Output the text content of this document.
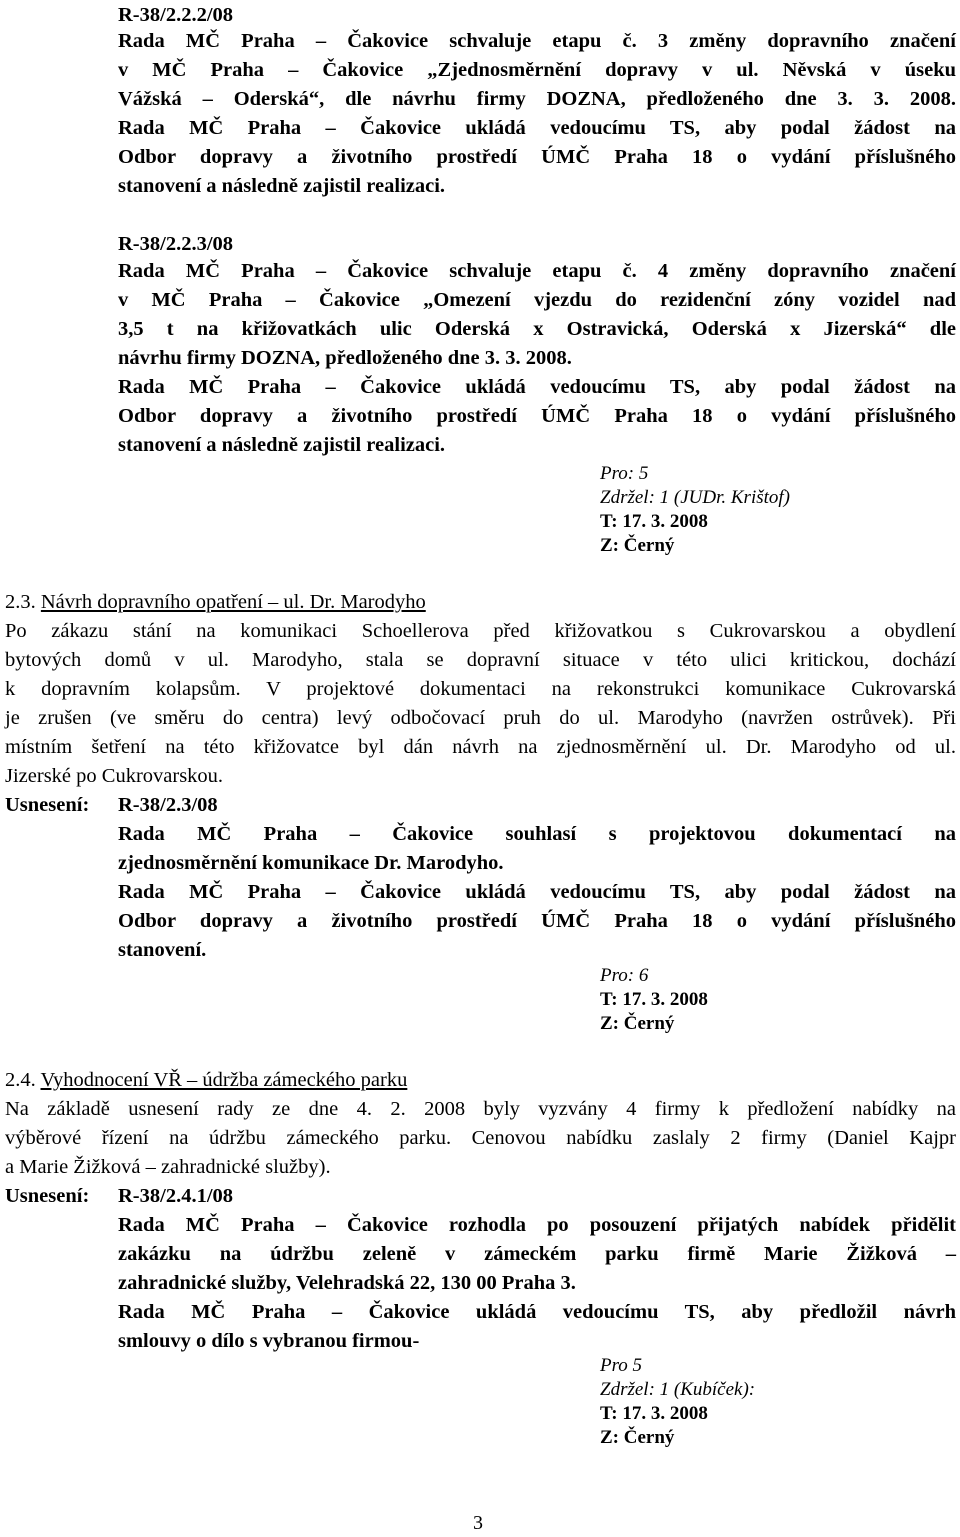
R-38/2.2.2/08
Rada MČ Praha – Čakovice schvaluje etapu č. 3 změny dopravního značení
v MČ Praha – Čakovice „Zjednosměrnění dopravy v ul. Něvská v úseku
Vážská – Oderská“, dle návrhu firmy DOZNA, předloženého dne 3. 3. 2008.
Rada MČ Praha – Čakovice ukládá vedoucímu TS, aby podal žádost na
Odbor dopravy a životního prostředí ÚMČ Praha 18 o vydání příslušného
stanovení a následně zajistil realizaci.
R-38/2.2.3/08
Rada MČ Praha – Čakovice schvaluje etapu č. 4 změny dopravního značení
v MČ Praha – Čakovice „Omezení vjezdu do rezidenční zóny vozidel nad
3,5 t na křižovatkách ulic Oderská x Ostravická, Oderská x Jizerská“ dle
návrhu firmy DOZNA, předloženého dne 3. 3. 2008.
Rada MČ Praha – Čakovice ukládá vedoucímu TS, aby podal žádost na
Odbor dopravy a životního prostředí ÚMČ Praha 18 o vydání příslušného
stanovení a následně zajistil realizaci.
Pro: 5
Zdržel: 1 (JUDr. Krištof)
T: 17. 3. 2008
Z: Černý
2.3. Návrh dopravního opatření – ul. Dr. Marodyho
Po zákazu stání na komunikaci Schoellerova před křižovatkou s Cukrovarskou a obydlení
bytových domů v ul. Marodyho, stala se dopravní situace v této ulici kritickou, dochází
k dopravním kolapsům. V projektové dokumentaci na rekonstrukci komunikace Cukrovarská
je zrušen (ve směru do centra) levý odbočovací pruh do ul. Marodyho (navržen ostrůvek). Při
místním šetření na této křižovatce byl dán návrh na zjednosměrnění ul. Dr. Marodyho od ul.
Jizerské po Cukrovarskou.
Usnesení: R-38/2.3/08
Rada MČ Praha – Čakovice souhlasí s projektovou dokumentací na
zjednosměrnění komunikace Dr. Marodyho.
Rada MČ Praha – Čakovice ukládá vedoucímu TS, aby podal žádost na
Odbor dopravy a životního prostředí ÚMČ Praha 18 o vydání příslušného
stanovení.
Pro: 6
T: 17. 3. 2008
Z: Černý
2.4. Vyhodnocení VŘ – údržba zámeckého parku
Na základě usnesení rady ze dne 4. 2. 2008 byly vyzvány 4 firmy k předložení nabídky na
výběrové řízení na údržbu zámeckého parku. Cenovou nabídku zaslaly 2 firmy (Daniel Kajpr
a Marie Žižková – zahradnické služby).
Usnesení: R-38/2.4.1/08
Rada MČ Praha – Čakovice rozhodla po posouzení přijatých nabídek přidělit
zakázku na údržbu zeleně v zámeckém parku firmě Marie Žižková –
zahradnické služby, Velehradská 22, 130 00 Praha 3.
Rada MČ Praha – Čakovice ukládá vedoucímu TS, aby předložil návrh
smlouvy o dílo s vybranou firmou-
Pro 5
Zdržel: 1 (Kubíček):
T: 17. 3. 2008
Z: Černý
3
